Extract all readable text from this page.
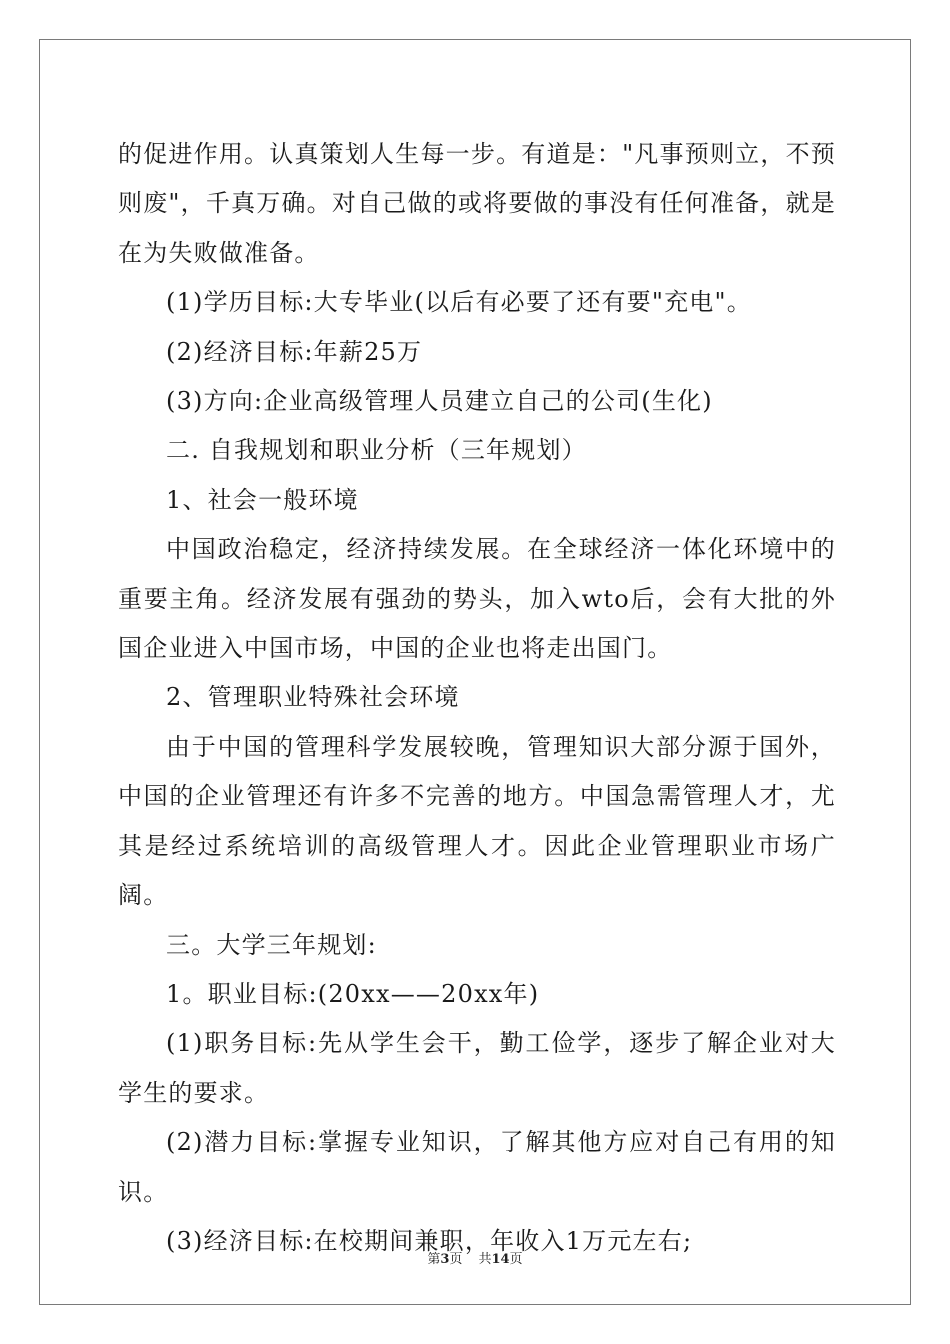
的促进作用。认真策划人生每一步。有道是："凡事预则立，不预则废"，千真万确。对自己做的或将要做的事没有任何准备，就是在为失败做准备。

(1)学历目标:大专毕业(以后有必要了还有要"充电"。

(2)经济目标:年薪25万

(3)方向:企业高级管理人员建立自己的公司(生化)

二. 自我规划和职业分析（三年规划）

1、社会一般环境

中国政治稳定，经济持续发展。在全球经济一体化环境中的重要主角。经济发展有强劲的势头，加入wto后，会有大批的外国企业进入中国市场，中国的企业也将走出国门。

2、管理职业特殊社会环境

由于中国的管理科学发展较晚，管理知识大部分源于国外，中国的企业管理还有许多不完善的地方。中国急需管理人才，尤其是经过系统培训的高级管理人才。因此企业管理职业市场广阔。

三。大学三年规划:

1。职业目标:(20xx——20xx年)

(1)职务目标:先从学生会干，勤工俭学，逐步了解企业对大学生的要求。

(2)潜力目标:掌握专业知识，了解其他方应对自己有用的知识。

(3)经济目标:在校期间兼职，年收入1万元左右;

第3页 共14页
